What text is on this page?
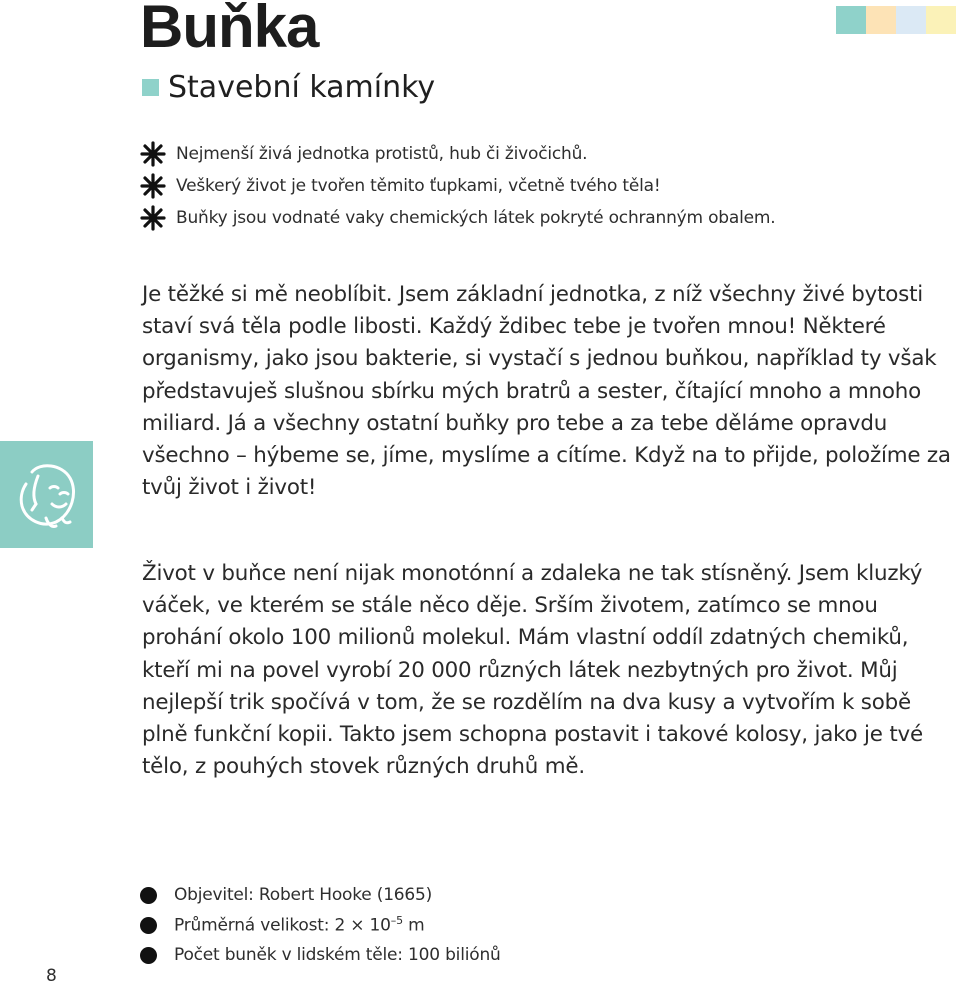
Buňka
Stavební kamínky
Nejmenší živá jednotka protistů, hub či živočichů.
Veškerý život je tvořen těmito ťupkami, včetně tvého těla!
Buňky jsou vodnaté vaky chemických látek pokryté ochranným obalem.

Je těžké si mě neoblíbit. Jsem základní jednotka, z níž všechny živé bytosti staví svá těla podle libosti. Každý ždibec tebe je tvořen mnou! Některé organismy, jako jsou bakterie, si vystačí s jednou buňkou, například ty však představuješ slušnou sbírku mých bratrů a sester, čítající mnoho a mnoho miliard. Já a všechny ostatní buňky pro tebe a za tebe děláme opravdu všechno – hýbeme se, jíme, myslíme a cítíme. Když na to přijde, položíme za tvůj život i život!

Život v buňce není nijak monotónní a zdaleka ne tak stísněný. Jsem kluzký váček, ve kterém se stále něco děje. Srším životem, zatímco se mnou prohání okolo 100 milionů molekul. Mám vlastní oddíl zdatných chemiků, kteří mi na povel vyrobí 20 000 různých látek nezbytných pro život. Můj nejlepší trik spočívá v tom, že se rozdělím na dva kusy a vytvořím k sobě plně funkční kopii. Takto jsem schopna postavit i takové kolosy, jako je tvé tělo, z pouhých stovek různých druhů mě.

Objevitel: Robert Hooke (1665)
Průměrná velikost: $2 \times 10^{-5}$ m
Počet buněk v lidském těle: 100 biliónů
8
